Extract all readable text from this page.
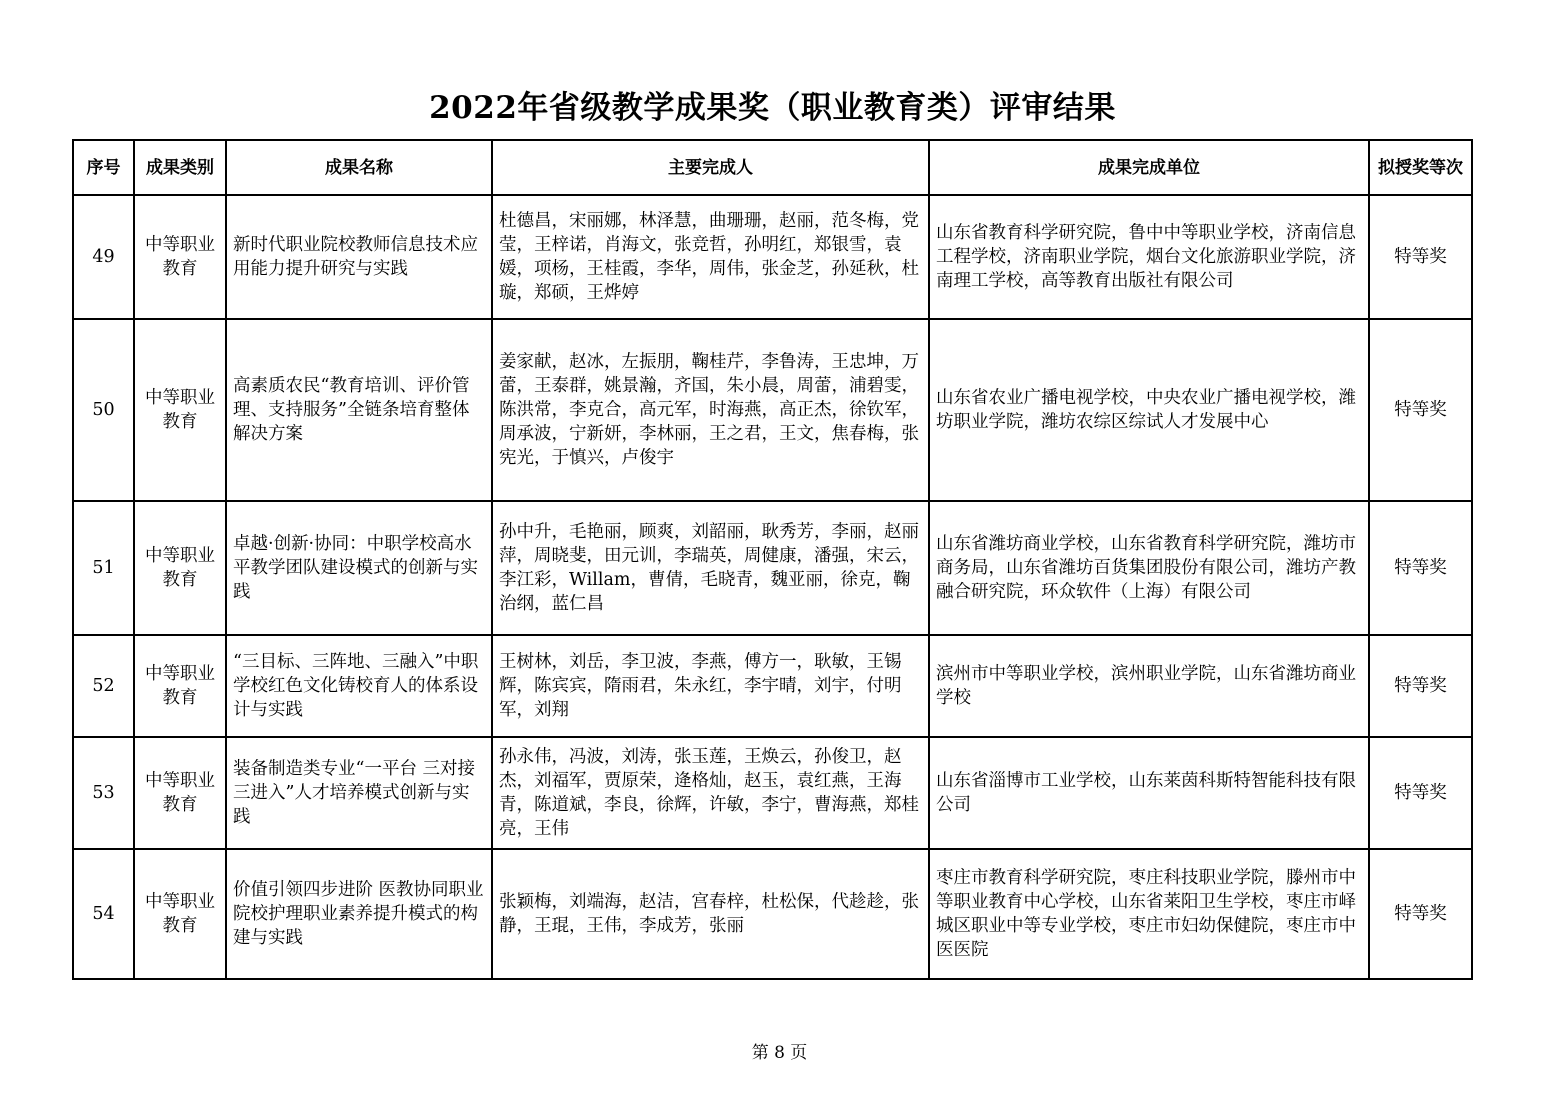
2022年省级教学成果奖（职业教育类）评审结果
序号	成果类别	成果名称	主要完成人	成果完成单位	拟授奖等次
49	中等职业教育	新时代职业院校教师信息技术应用能力提升研究与实践	杜德昌，宋丽娜，林泽慧，曲珊珊，赵丽，范冬梅，党莹，王梓诺，肖海文，张竞哲，孙明红，郑银雪，袁媛，项杨，王桂霞，李华，周伟，张金芝，孙延秋，杜璇，郑硕，王烨婷	山东省教育科学研究院，鲁中中等职业学校，济南信息工程学校，济南职业学院，烟台文化旅游职业学院，济南理工学校，高等教育出版社有限公司	特等奖
50	中等职业教育	高素质农民“教育培训、评价管理、支持服务”全链条培育整体解决方案	姜家献，赵冰，左振朋，鞠桂芹，李鲁涛，王忠坤，万蕾，王泰群，姚景瀚，齐国，朱小晨，周蕾，浦碧雯，陈洪常，李克合，高元军，时海燕，高正杰，徐钦军，周承波，宁新妍，李林丽，王之君，王文，焦春梅，张宪光，于慎兴，卢俊宇	山东省农业广播电视学校，中央农业广播电视学校，潍坊职业学院，潍坊农综区综试人才发展中心	特等奖
51	中等职业教育	卓越·创新·协同：中职学校高水平教学团队建设模式的创新与实践	孙中升，毛艳丽，顾爽，刘韶丽，耿秀芳，李丽，赵丽萍，周晓斐，田元训，李瑞英，周健康，潘强，宋云，李江彩，Willam，曹倩，毛晓青，魏亚丽，徐克，鞠治纲，蓝仁昌	山东省潍坊商业学校，山东省教育科学研究院，潍坊市商务局，山东省潍坊百货集团股份有限公司，潍坊产教融合研究院，环众软件（上海）有限公司	特等奖
52	中等职业教育	“三目标、三阵地、三融入”中职学校红色文化铸校育人的体系设计与实践	王树林，刘岳，李卫波，李燕，傅方一，耿敏，王锡辉，陈宾宾，隋雨君，朱永红，李宇晴，刘宇，付明军，刘翔	滨州市中等职业学校，滨州职业学院，山东省潍坊商业学校	特等奖
53	中等职业教育	装备制造类专业“一平台 三对接 三进入”人才培养模式创新与实践	孙永伟，冯波，刘涛，张玉莲，王焕云，孙俊卫，赵杰，刘福军，贾原荣，逄格灿，赵玉，袁红燕，王海青，陈道斌，李良，徐辉，许敏，李宁，曹海燕，郑桂亮，王伟	山东省淄博市工业学校，山东莱茵科斯特智能科技有限公司	特等奖
54	中等职业教育	价值引领四步进阶 医教协同职业院校护理职业素养提升模式的构建与实践	张颖梅，刘端海，赵洁，宫春梓，杜松保，代趁趁，张静，王琨，王伟，李成芳，张丽	枣庄市教育科学研究院，枣庄科技职业学院，滕州市中等职业教育中心学校，山东省莱阳卫生学校，枣庄市峄城区职业中等专业学校，枣庄市妇幼保健院，枣庄市中医医院	特等奖
第 8 页
